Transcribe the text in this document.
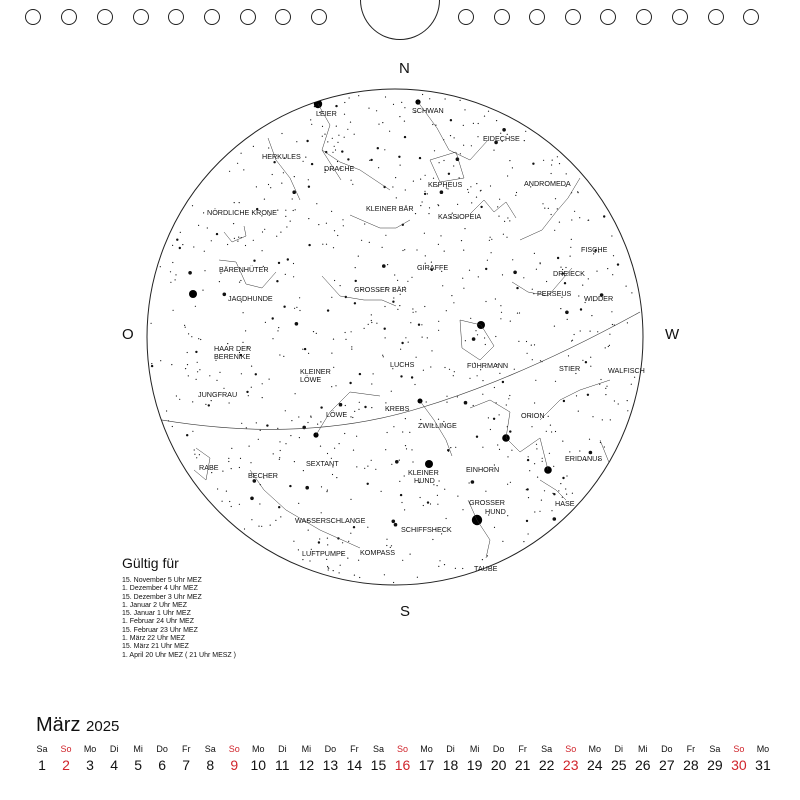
LEIER	SCHWAN
EIDECHSE
HERKULES
DRACHE
KEPHEUS	ANDROMEDA
KLEINER BÄR
KASSIOPEIA
NÖRDLICHE KRONE
FISCHE
GIRAFFE
DREIECK
BÄRENHÜTER
GROSSER BÄR	PERSEUS
WIDDER
JAGDHUNDE
HAAR DER
BERENIKE
LUCHS	FUHRMANN
KLEINER
LÖWE
STIER	WALFISCH
JUNGFRAU
LÖWE
KREBS
ORION
ZWILLINGE
ERIDANUS
RABE	SEXTANT
KLEINER
HUND
EINHORN
BECHER
GROSSER
HUND
HASE
WASSERSCHLANGE
SCHIFFSHECK
LUFTPUMPE KOMPASS
TAUBE
N
S
O	W
Gültig für
15. November 5 Uhr MEZ
1. Dezember 4 Uhr MEZ
15. Dezember 3 Uhr MEZ
1. Januar 2 Uhr MEZ
15. Januar 1 Uhr MEZ
1. Februar 24 Uhr MEZ
15. Februar 23 Uhr MEZ
1. März 22 Uhr MEZ
15. März 21 Uhr MEZ
1. April 20 Uhr MEZ ( 21 Uhr MESZ )
März 2025
Sa
1
So
2
Mo
3
Di
4
Mi
5
Do
6
Fr
7
Sa
8
So
9
Mo
10
Di
11
Mi
12
Do
13
Fr
14
Sa
15
So
16
Mo
17
Di
18
Mi
19
Do
20
Fr
21
Sa
22
So
23
Mo
24
Di
25
Mi
26
Do
27
Fr
28
Sa
29
So
30
Mo
31
